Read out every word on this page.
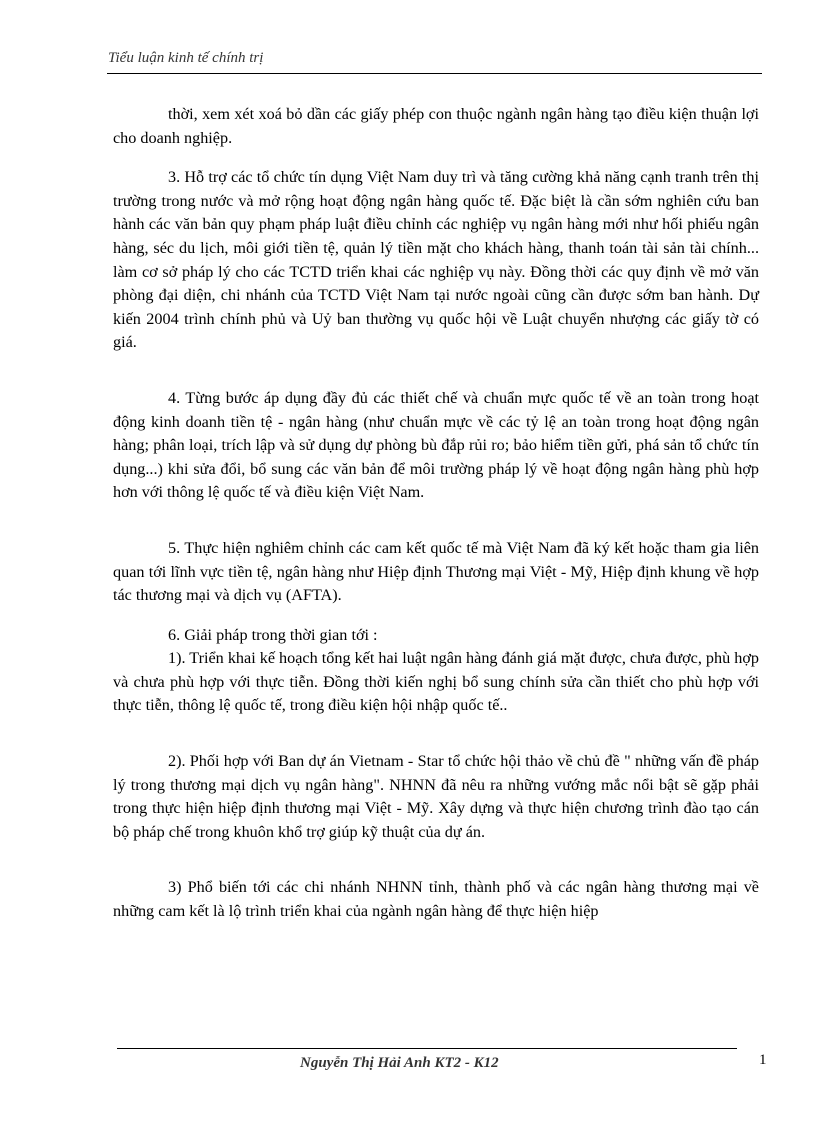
Tiểu luận kinh tế chính trị

thời, xem xét xoá bỏ dần các giấy phép con thuộc ngành ngân hàng tạo điều kiện thuận lợi cho doanh nghiệp.

3. Hỗ trợ các tổ chức tín dụng Việt Nam duy trì và tăng cường khả năng cạnh tranh trên thị trường trong nước và mở rộng hoạt động ngân hàng quốc tế. Đặc biệt là cần sớm nghiên cứu ban hành các văn bản quy phạm pháp luật điều chỉnh các nghiệp vụ ngân hàng mới như hối phiếu ngân hàng, séc du lịch, môi giới tiền tệ, quản lý tiền mặt cho khách hàng, thanh toán tài sản tài chính... làm cơ sở pháp lý cho các TCTD triển khai các nghiệp vụ này. Đồng thời các quy định về mở văn phòng đại diện, chi nhánh của TCTD Việt Nam tại nước ngoài cũng cần được sớm ban hành. Dự kiến 2004 trình chính phủ và Uỷ ban thường vụ quốc hội về Luật chuyển nhượng các giấy tờ có giá.

4. Từng bước áp dụng đầy đủ các thiết chế và chuẩn mực quốc tế về an toàn trong hoạt động kinh doanh tiền tệ - ngân hàng (như chuẩn mực về các tỷ lệ an toàn trong hoạt động ngân hàng; phân loại, trích lập và sử dụng dự phòng bù đắp rủi ro; bảo hiểm tiền gửi, phá sản tổ chức tín dụng...) khi sửa đổi, bổ sung các văn bản để môi trường pháp lý về hoạt động ngân hàng phù hợp hơn với thông lệ quốc tế và điều kiện Việt Nam.

5. Thực hiện nghiêm chỉnh các cam kết quốc tế mà Việt Nam đã ký kết hoặc tham gia liên quan tới lĩnh vực tiền tệ, ngân hàng như Hiệp định Thương mại Việt - Mỹ, Hiệp định khung về hợp tác thương mại và dịch vụ (AFTA).

6. Giải pháp trong thời gian tới :

1). Triển khai kế hoạch tổng kết hai luật ngân hàng đánh giá mặt được, chưa được, phù hợp và chưa phù hợp với thực tiễn. Đồng thời kiến nghị bổ sung chính sửa cần thiết cho phù hợp với thực tiễn, thông lệ quốc tế, trong điều kiện hội nhập quốc tế..

2). Phối hợp với Ban dự án Vietnam - Star tổ chức hội thảo về chủ đề " những vấn đề pháp lý trong thương mại dịch vụ ngân hàng". NHNN đã nêu ra những vướng mắc nổi bật sẽ gặp phải trong thực hiện hiệp định thương mại Việt - Mỹ. Xây dựng và thực hiện chương trình đào tạo cán bộ pháp chế trong khuôn khổ trợ giúp kỹ thuật của dự án.

3) Phổ biến tới các chi nhánh NHNN tỉnh, thành phố và các ngân hàng thương mại về những cam kết là lộ trình triển khai của ngành ngân hàng để thực hiện hiệp

Nguyễn Thị Hải Anh KT2 - K12	1
